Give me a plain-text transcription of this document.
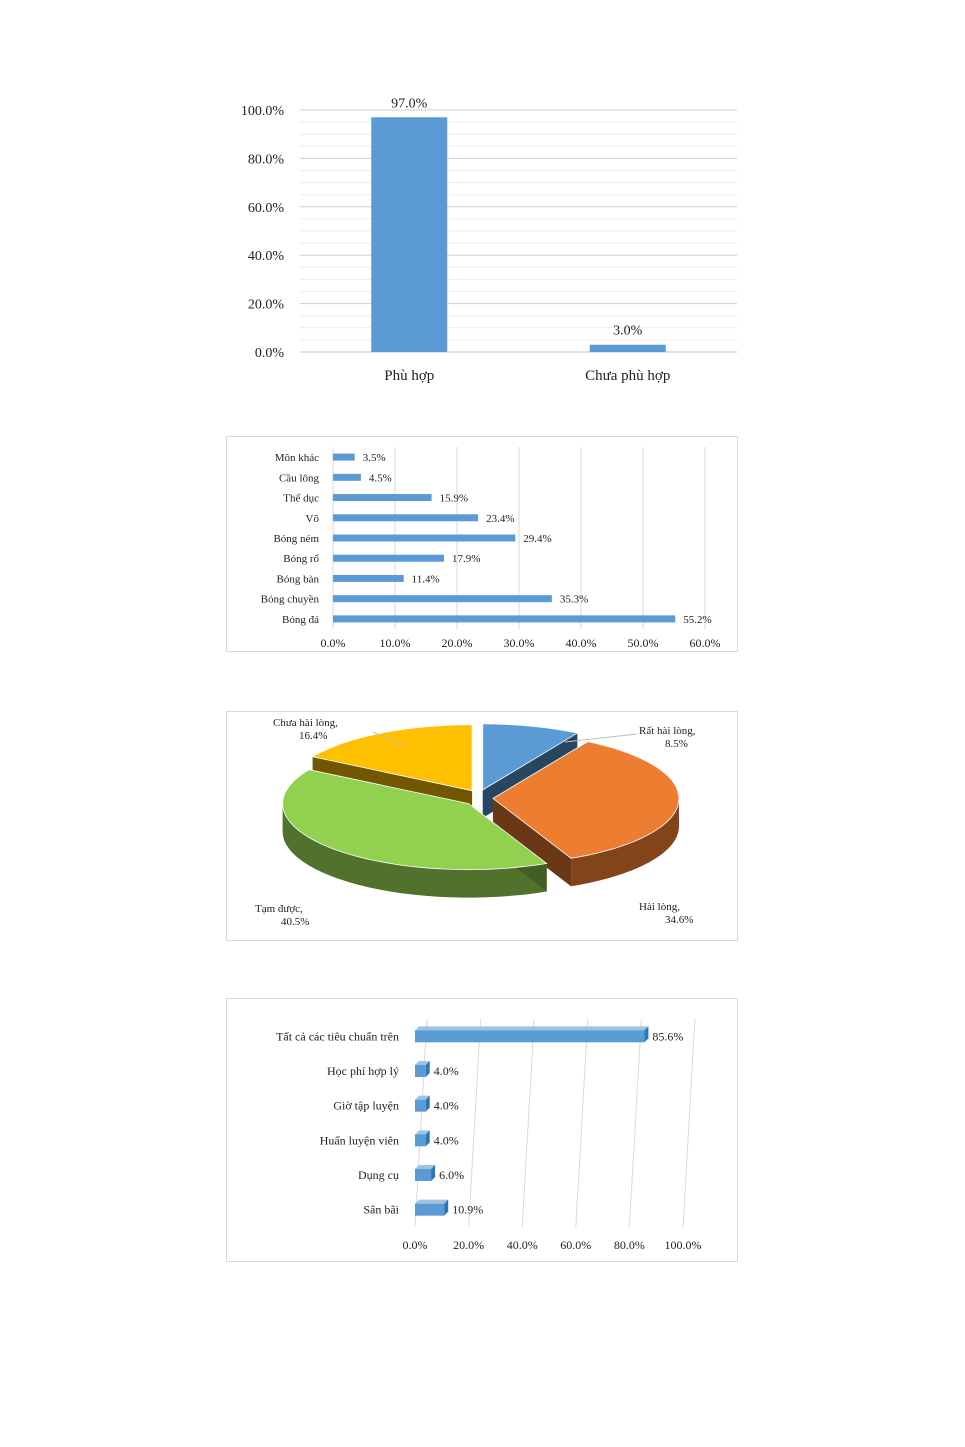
0.0%
20.0%
40.0%
60.0%
80.0%
100.0%
97.0%
Phù hợp
3.0%
Chưa phù hợp
0.0%	10.0%	20.0%	30.0%	40.0%	50.0%	60.0%
3.5%
Môn khác
4.5%
Cầu lông
15.9%
Thể dục
23.4%
Võ
29.4%
Bóng ném
17.9%
Bóng rổ
11.4%
Bóng bàn
35.3%
Bóng chuyền
55.2%
Bóng đá
Rất hài lòng,
8.5%
Hài lòng,
34.6%
Tạm được,
40.5%
Chưa hài lòng,
16.4%
0.0% 20.0% 40.0% 60.0% 80.0% 100.0%
85.6%
Tất cả các tiêu chuẩn trên
4.0%
Học phí hợp lý
4.0%
Giờ tập luyện
4.0%
Huấn luyện viên
6.0%
Dụng cụ
10.9%
Sân bãi
